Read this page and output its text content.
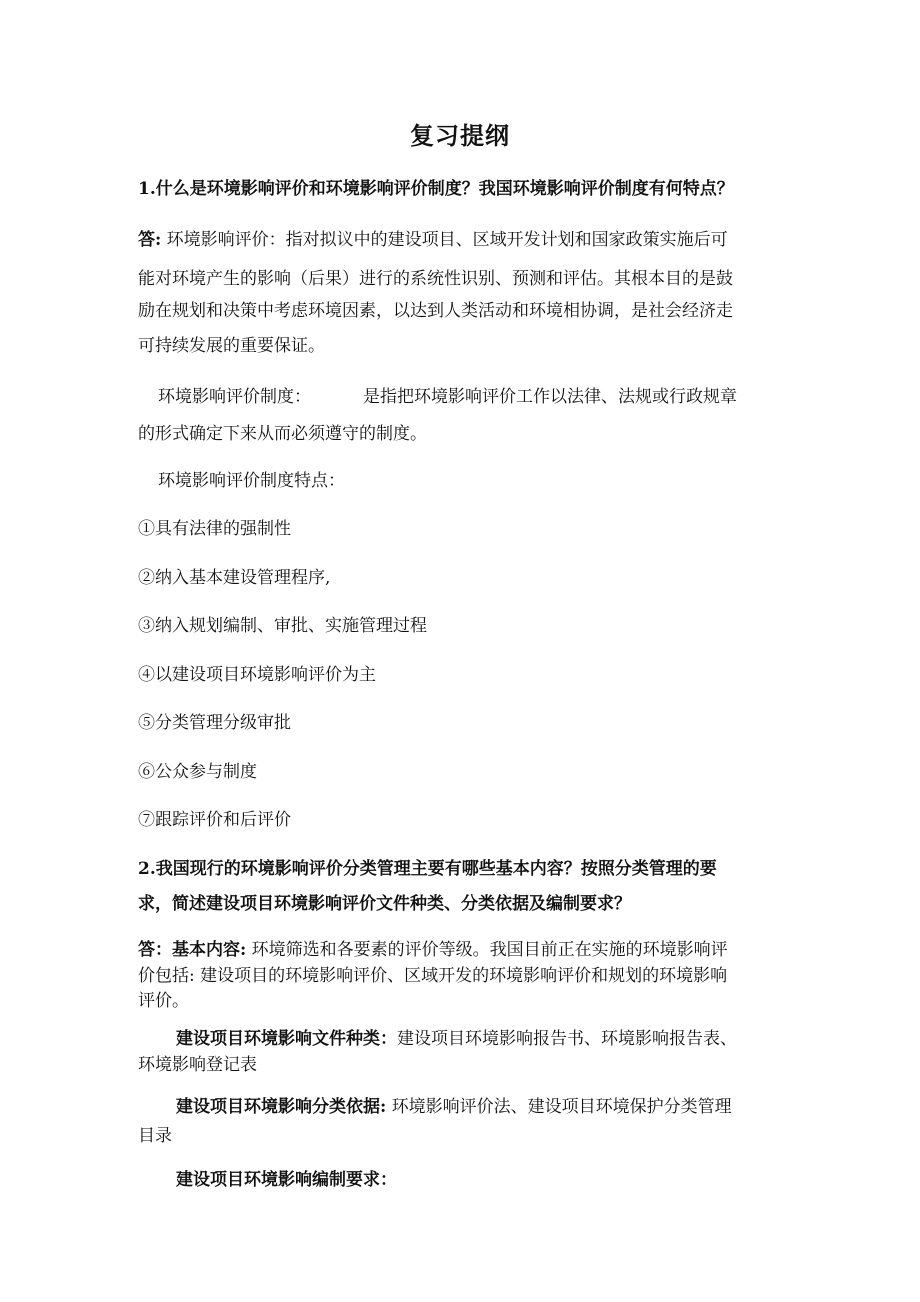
复习提纲
1.什么是环境影响评价和环境影响评价制度？我国环境影响评价制度有何特点？
答: 环境影响评价：指对拟议中的建设项目、区域开发计划和国家政策实施后可
能对环境产生的影响（后果）进行的系统性识别、预测和评估。其根本目的是鼓
励在规划和决策中考虑环境因素，以达到人类活动和环境相协调，是社会经济走
可持续发展的重要保证。
环境影响评价制度：	是指把环境影响评价工作以法律、法规或行政规章
的形式确定下来从而必须遵守的制度。
环境影响评价制度特点：
①具有法律的强制性
②纳入基本建设管理程序,
③纳入规划编制、审批、实施管理过程
④以建设项目环境影响评价为主
⑤分类管理分级审批
⑥公众参与制度
⑦跟踪评价和后评价
2.我国现行的环境影响评价分类管理主要有哪些基本内容？按照分类管理的要
求，简述建设项目环境影响评价文件种类、分类依据及编制要求？
答：基本内容: 环境筛选和各要素的评价等级。我国目前正在实施的环境影响评
价包括: 建设项目的环境影响评价、区域开发的环境影响评价和规划的环境影响
评价。
建设项目环境影响文件种类：建设项目环境影响报告书、环境影响报告表、
环境影响登记表
建设项目环境影响分类依据: 环境影响评价法、建设项目环境保护分类管理
目录
建设项目环境影响编制要求：
